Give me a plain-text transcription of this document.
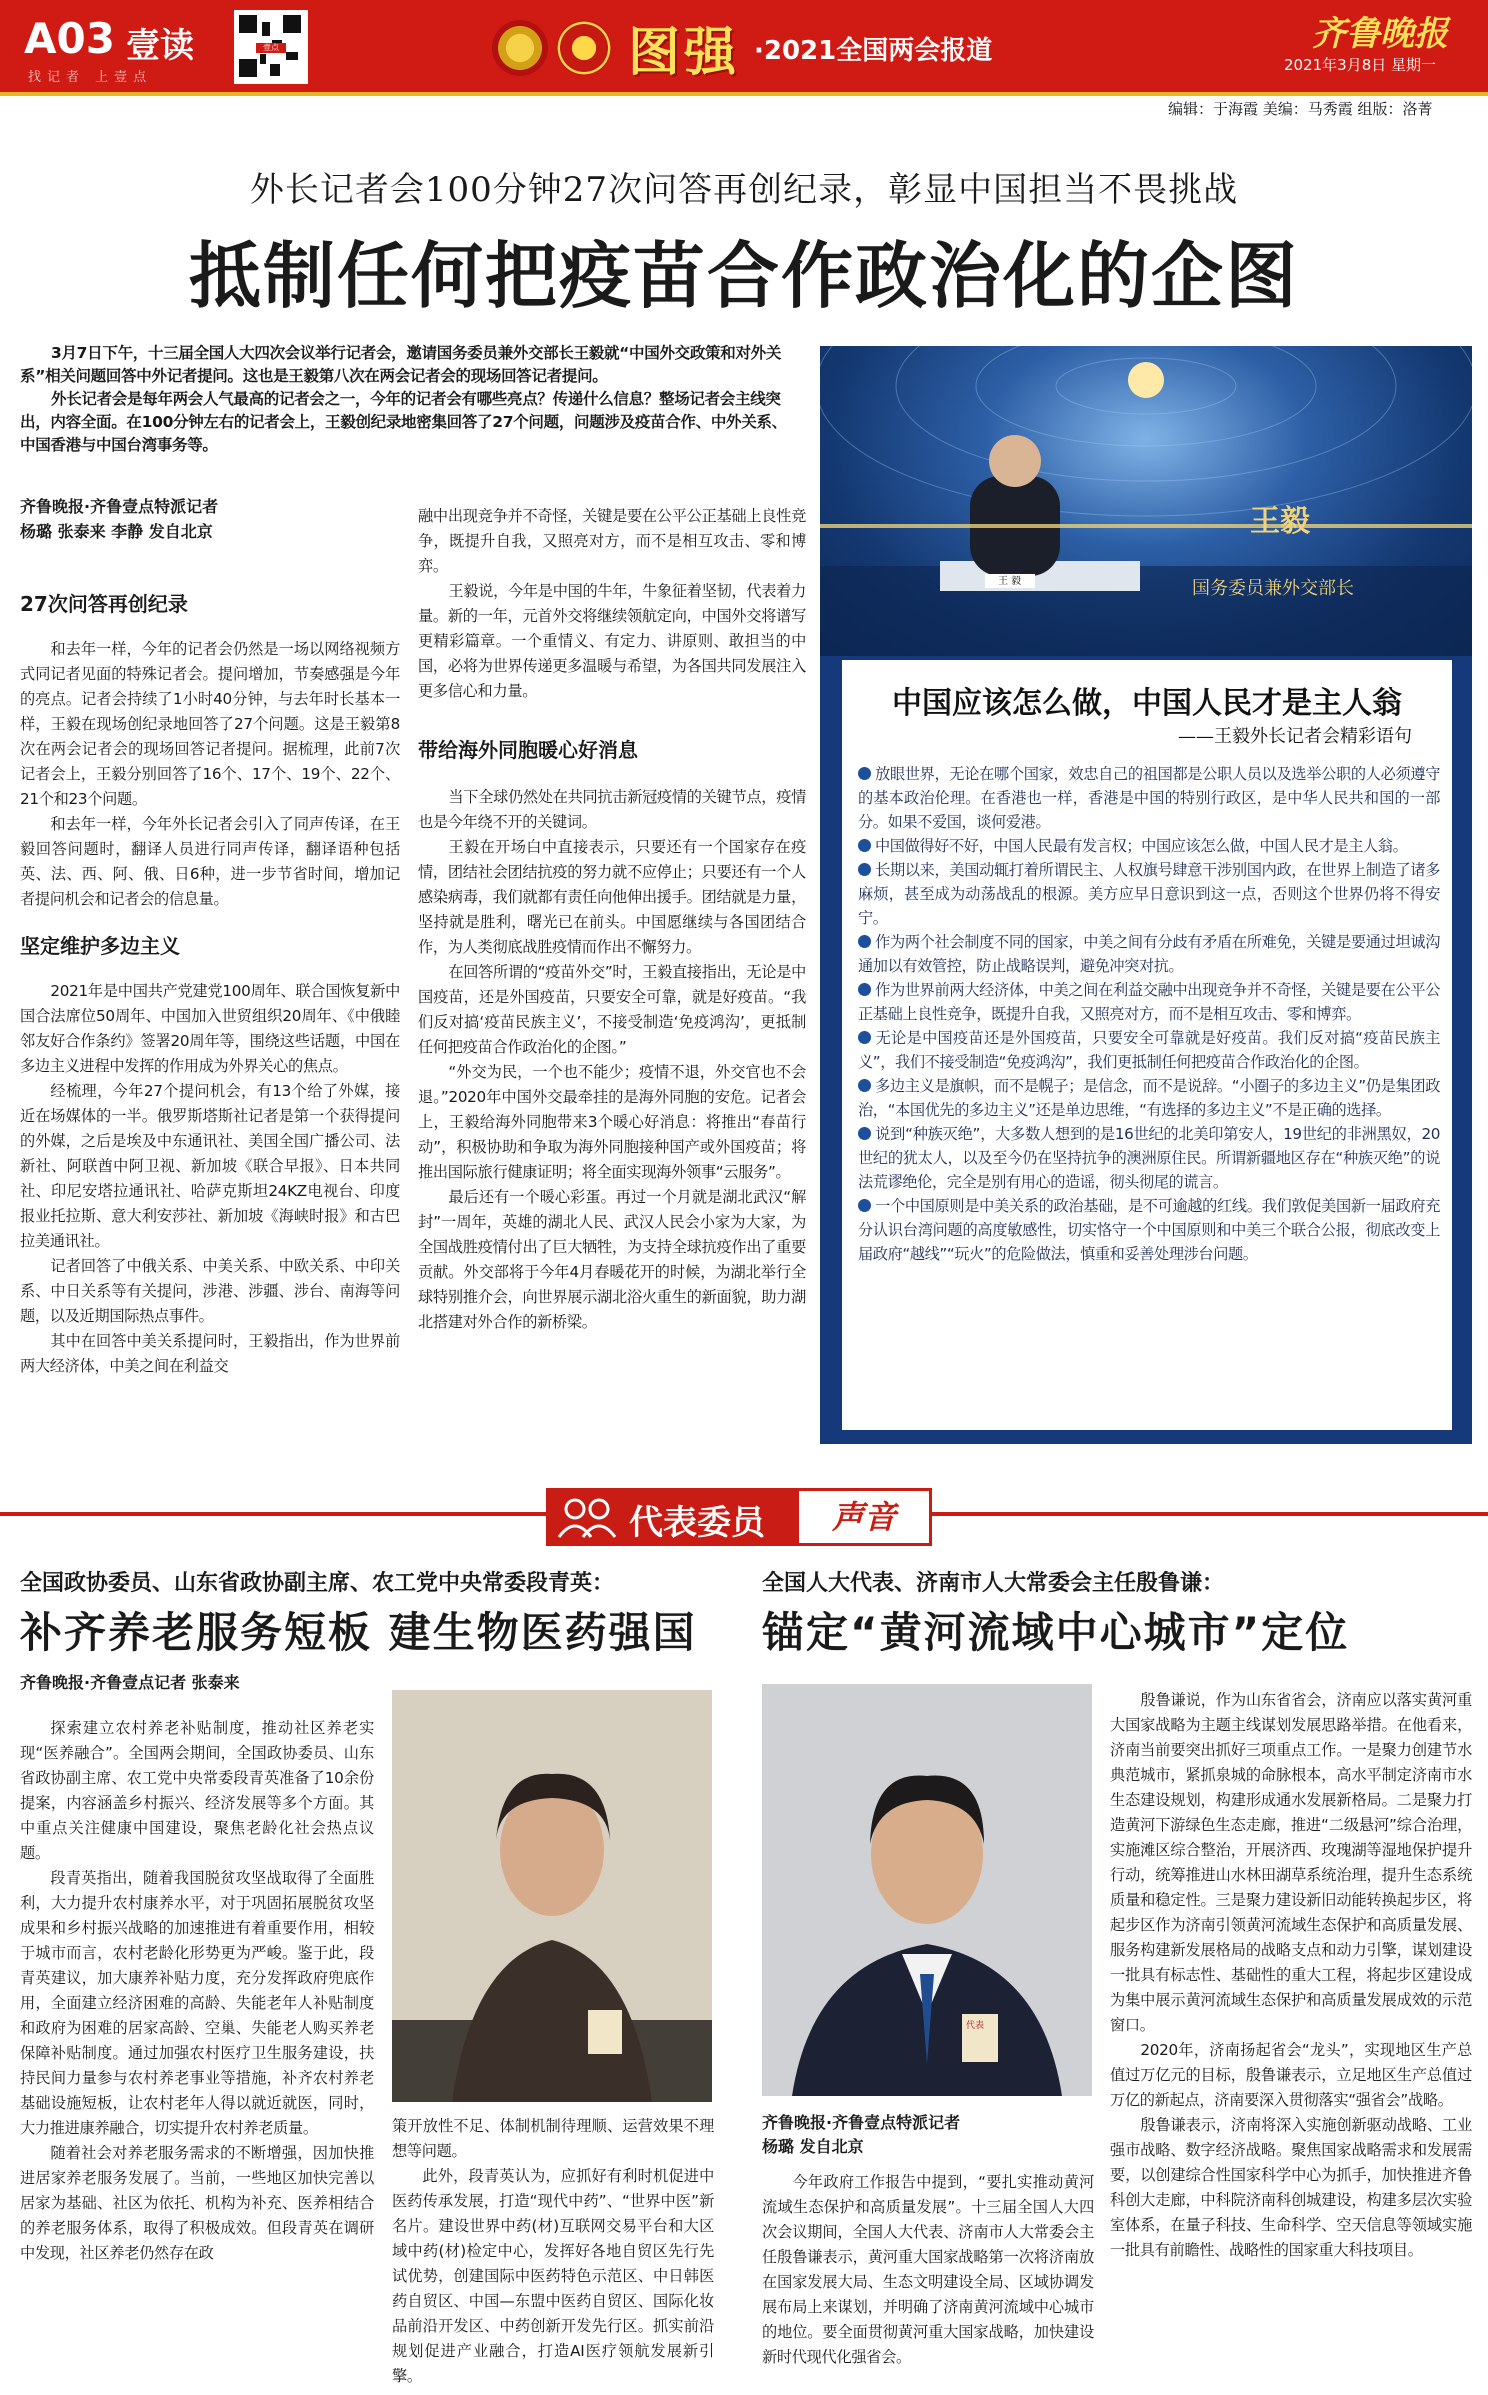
A03 壹读
找记者 上壹点
壹点	图强 ·2021全国两会报道	齐鲁晚报
2021年3月8日 星期一
编辑：于海霞 美编：马秀霞 组版：洛菁
外长记者会100分钟27次问答再创纪录，彰显中国担当不畏挑战
抵制任何把疫苗合作政治化的企图

3月7日下午，十三届全国人大四次会议举行记者会，邀请国务委员兼外交部长王毅就“中国外交政策和对外关系”相关问题回答中外记者提问。这也是王毅第八次在两会记者会的现场回答记者提问。

外长记者会是每年两会人气最高的记者会之一，今年的记者会有哪些亮点？传递什么信息？整场记者会主线突出，内容全面。在100分钟左右的记者会上，王毅创纪录地密集回答了27个问题，问题涉及疫苗合作、中外关系、中国香港与中国台湾事务等。

齐鲁晚报·齐鲁壹点特派记者
杨璐 张泰来 李静 发自北京
27次问答再创纪录

和去年一样，今年的记者会仍然是一场以网络视频方式同记者见面的特殊记者会。提问增加，节奏感强是今年的亮点。记者会持续了1小时40分钟，与去年时长基本一样，王毅在现场创纪录地回答了27个问题。这是王毅第8次在两会记者会的现场回答记者提问。据梳理，此前7次记者会上，王毅分别回答了16个、17个、19个、22个、21个和23个问题。

和去年一样，今年外长记者会引入了同声传译，在王毅回答问题时，翻译人员进行同声传译，翻译语种包括英、法、西、阿、俄、日6种，进一步节省时间，增加记者提问机会和记者会的信息量。

坚定维护多边主义

2021年是中国共产党建党100周年、联合国恢复新中国合法席位50周年、中国加入世贸组织20周年、《中俄睦邻友好合作条约》签署20周年等，围绕这些话题，中国在多边主义进程中发挥的作用成为外界关心的焦点。

经梳理，今年27个提问机会，有13个给了外媒，接近在场媒体的一半。俄罗斯塔斯社记者是第一个获得提问的外媒，之后是埃及中东通讯社、美国全国广播公司、法新社、阿联酋中阿卫视、新加坡《联合早报》、日本共同社、印尼安塔拉通讯社、哈萨克斯坦24KZ电视台、印度报业托拉斯、意大利安莎社、新加坡《海峡时报》和古巴拉美通讯社。

记者回答了中俄关系、中美关系、中欧关系、中印关系、中日关系等有关提问，涉港、涉疆、涉台、南海等问题，以及近期国际热点事件。

其中在回答中美关系提问时，王毅指出，作为世界前两大经济体，中美之间在利益交

融中出现竞争并不奇怪，关键是要在公平公正基础上良性竞争，既提升自我，又照亮对方，而不是相互攻击、零和博弈。

王毅说，今年是中国的牛年，牛象征着坚韧，代表着力量。新的一年，元首外交将继续领航定向，中国外交将谱写更精彩篇章。一个重情义、有定力、讲原则、敢担当的中国，必将为世界传递更多温暖与希望，为各国共同发展注入更多信心和力量。

带给海外同胞暖心好消息

当下全球仍然处在共同抗击新冠疫情的关键节点，疫情也是今年绕不开的关键词。

王毅在开场白中直接表示，只要还有一个国家存在疫情，团结社会团结抗疫的努力就不应停止；只要还有一个人感染病毒，我们就都有责任向他伸出援手。团结就是力量，坚持就是胜利，曙光已在前头。中国愿继续与各国团结合作，为人类彻底战胜疫情而作出不懈努力。

在回答所谓的“疫苗外交”时，王毅直接指出，无论是中国疫苗，还是外国疫苗，只要安全可靠，就是好疫苗。“我们反对搞‘疫苗民族主义’，不接受制造‘免疫鸿沟’，更抵制任何把疫苗合作政治化的企图。”

“外交为民，一个也不能少；疫情不退，外交官也不会退。”2020年中国外交最牵挂的是海外同胞的安危。记者会上，王毅给海外同胞带来3个暖心好消息：将推出“春苗行动”，积极协助和争取为海外同胞接种国产或外国疫苗；将推出国际旅行健康证明；将全面实现海外领事“云服务”。

最后还有一个暖心彩蛋。再过一个月就是湖北武汉“解封”一周年，英雄的湖北人民、武汉人民会小家为大家，为全国战胜疫情付出了巨大牺牲，为支持全球抗疫作出了重要贡献。外交部将于今年4月春暖花开的时候，为湖北举行全球特别推介会，向世界展示湖北浴火重生的新面貌，助力湖北搭建对外合作的新桥梁。

王 毅
王毅
国务委员兼外交部长
中国应该怎么做，中国人民才是主人翁
——王毅外长记者会精彩语句
放眼世界，无论在哪个国家，效忠自己的祖国都是公职人员以及选举公职的人必须遵守的基本政治伦理。在香港也一样，香港是中国的特别行政区，是中华人民共和国的一部分。如果不爱国，谈何爱港。
中国做得好不好，中国人民最有发言权；中国应该怎么做，中国人民才是主人翁。
长期以来，美国动辄打着所谓民主、人权旗号肆意干涉别国内政，在世界上制造了诸多麻烦，甚至成为动荡战乱的根源。美方应早日意识到这一点，否则这个世界仍将不得安宁。
作为两个社会制度不同的国家，中美之间有分歧有矛盾在所难免，关键是要通过坦诚沟通加以有效管控，防止战略误判，避免冲突对抗。
作为世界前两大经济体，中美之间在利益交融中出现竞争并不奇怪，关键是要在公平公正基础上良性竞争，既提升自我，又照亮对方，而不是相互攻击、零和博弈。
无论是中国疫苗还是外国疫苗，只要安全可靠就是好疫苗。我们反对搞“疫苗民族主义”，我们不接受制造“免疫鸿沟”，我们更抵制任何把疫苗合作政治化的企图。
多边主义是旗帜，而不是幌子；是信念，而不是说辞。“小圈子的多边主义”仍是集团政治，“本国优先的多边主义”还是单边思维，“有选择的多边主义”不是正确的选择。
说到“种族灭绝”，大多数人想到的是16世纪的北美印第安人，19世纪的非洲黑奴，20世纪的犹太人，以及至今仍在坚持抗争的澳洲原住民。所谓新疆地区存在“种族灭绝”的说法荒谬绝伦，完全是别有用心的造谣，彻头彻尾的谎言。
一个中国原则是中美关系的政治基础，是不可逾越的红线。我们敦促美国新一届政府充分认识台湾问题的高度敏感性，切实恪守一个中国原则和中美三个联合公报，彻底改变上届政府“越线”“玩火”的危险做法，慎重和妥善处理涉台问题。
代表委员	声音
全国政协委员、山东省政协副主席、农工党中央常委段青英：
补齐养老服务短板 建生物医药强国
齐鲁晚报·齐鲁壹点记者 张泰来

探索建立农村养老补贴制度，推动社区养老实现“医养融合”。全国两会期间，全国政协委员、山东省政协副主席、农工党中央常委段青英准备了10余份提案，内容涵盖乡村振兴、经济发展等多个方面。其中重点关注健康中国建设，聚焦老龄化社会热点议题。

段青英指出，随着我国脱贫攻坚战取得了全面胜利，大力提升农村康养水平，对于巩固拓展脱贫攻坚成果和乡村振兴战略的加速推进有着重要作用，相较于城市而言，农村老龄化形势更为严峻。鉴于此，段青英建议，加大康养补贴力度，充分发挥政府兜底作用，全面建立经济困难的高龄、失能老年人补贴制度和政府为困难的居家高龄、空巢、失能老人购买养老保障补贴制度。通过加强农村医疗卫生服务建设，扶持民间力量参与农村养老事业等措施，补齐农村养老基础设施短板，让农村老年人得以就近就医，同时，大力推进康养融合，切实提升农村养老质量。

随着社会对养老服务需求的不断增强，因加快推进居家养老服务发展了。当前，一些地区加快完善以居家为基础、社区为依托、机构为补充、医养相结合的养老服务体系，取得了积极成效。但段青英在调研中发现，社区养老仍然存在政

策开放性不足、体制机制待理顺、运营效果不理想等问题。

此外，段青英认为，应抓好有利时机促进中医药传承发展，打造“现代中药”、“世界中医”新名片。建设世界中药(材)互联网交易平台和大区域中药(材)检定中心，发挥好各地自贸区先行先试优势，创建国际中医药特色示范区、中日韩医药自贸区、中国—东盟中医药自贸区、国际化妆品前沿开发区、中药创新开发先行区。抓实前沿规划促进产业融合，打造AI医疗领航发展新引擎。

全国人大代表、济南市人大常委会主任殷鲁谦：
锚定“黄河流域中心城市”定位
代表
齐鲁晚报·齐鲁壹点特派记者
杨璐 发自北京

今年政府工作报告中提到，“要扎实推动黄河流域生态保护和高质量发展”。十三届全国人大四次会议期间，全国人大代表、济南市人大常委会主任殷鲁谦表示，黄河重大国家战略第一次将济南放在国家发展大局、生态文明建设全局、区域协调发展布局上来谋划，并明确了济南黄河流域中心城市的地位。要全面贯彻黄河重大国家战略，加快建设新时代现代化强省会。

殷鲁谦说，作为山东省省会，济南应以落实黄河重大国家战略为主题主线谋划发展思路举措。在他看来，济南当前要突出抓好三项重点工作。一是聚力创建节水典范城市，紧抓泉城的命脉根本，高水平制定济南市水生态建设规划，构建形成通水发展新格局。二是聚力打造黄河下游绿色生态走廊，推进“二级悬河”综合治理，实施滩区综合整治，开展济西、玫瑰湖等湿地保护提升行动，统筹推进山水林田湖草系统治理，提升生态系统质量和稳定性。三是聚力建设新旧动能转换起步区，将起步区作为济南引领黄河流域生态保护和高质量发展、服务构建新发展格局的战略支点和动力引擎，谋划建设一批具有标志性、基础性的重大工程，将起步区建设成为集中展示黄河流域生态保护和高质量发展成效的示范窗口。

2020年，济南扬起省会“龙头”，实现地区生产总值过万亿元的目标，殷鲁谦表示，立足地区生产总值过万亿的新起点，济南要深入贯彻落实“强省会”战略。

殷鲁谦表示，济南将深入实施创新驱动战略、工业强市战略、数字经济战略。聚焦国家战略需求和发展需要，以创建综合性国家科学中心为抓手，加快推进齐鲁科创大走廊，中科院济南科创城建设，构建多层次实验室体系，在量子科技、生命科学、空天信息等领域实施一批具有前瞻性、战略性的国家重大科技项目。
